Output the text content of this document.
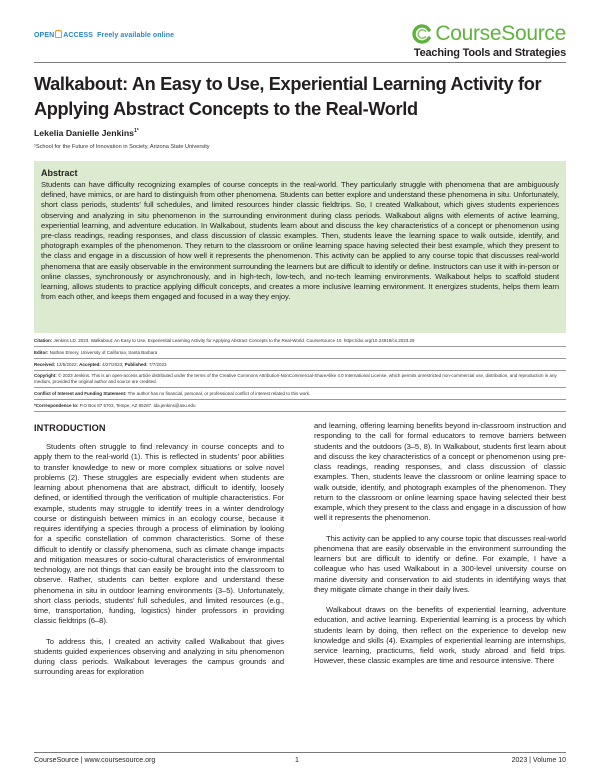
OPEN ACCESS Freely available online	CourseSource
Teaching Tools and Strategies
Walkabout: An Easy to Use, Experiential Learning Activity for Applying Abstract Concepts to the Real-World
Lekelia Danielle Jenkins$^{1*}$
¹School for the Future of Innovation in Society, Arizona State University
Abstract

Students can have difficulty recognizing examples of course concepts in the real-world. They particularly struggle with phenomena that are ambiguously defined, have mimics, or are hard to distinguish from other phenomena. Students can better explore and understand these phenomena in situ. Unfortunately, short class periods, students’ full schedules, and limited resources hinder classic fieldtrips. So, I created Walkabout, which gives students experiences observing and analyzing in situ phenomenon in the surrounding environment during class periods. Walkabout aligns with elements of active learning, experiential learning, and adventure education. In Walkabout, students learn about and discuss the key characteristics of a concept or phenomenon using pre-class readings, reading responses, and class discussion of classic examples. Then, students leave the learning space to walk outside, identify, and photograph examples of the phenomenon. They return to the classroom or online learning space having selected their best example, which they present to the class and engage in a discussion of how well it represents the phenomenon. This activity can be applied to any course topic that discusses real-world phenomena that are easily observable in the environment surrounding the learners but are difficult to identify or define. Instructors can use it with in-person or online classes, synchronously or asynchronously, and in high-tech, low-tech, and no-tech learning environments. Walkabout helps to scaffold student learning, allows students to practice applying difficult concepts, and creates a more inclusive learning environment. It energizes students, helps them learn from each other, and keeps them engaged and focused in a way they enjoy.

Citation: Jenkins LD. 2023. Walkabout: An Easy to Use, Experiential Learning Activity for Applying Abstract Concepts to the Real-World. CourseSource 10. https://doi.org/10.24918/cs.2023.25
Editor: Nathan Emery, University of California, Santa Barbara
Received: 12/5/2022; Accepted: 4/27/2023; Published: 7/7/2023
Copyright: © 2023 Jenkins. This is an open-access article distributed under the terms of the Creative Commons Attribution-NonCommercial-ShareAlike 4.0 International License, which permits unrestricted non-commercial use, distribution, and reproduction in any medium, provided the original author and source are credited.
Conflict of Interest and Funding Statement: The author has no financial, personal, or professional conflict of interest related to this work.
*Correspondence to: P.O Box 87 5703, Tempe, AZ 85287. lda.jenkins@asu.edu
INTRODUCTION

Students often struggle to find relevancy in course concepts and to apply them to the real-world (1). This is reflected in students’ poor abilities to transfer knowledge to new or more complex situations or solve novel problems (2). These struggles are especially evident when students are learning about phenomena that are abstract, difficult to identify, loosely defined, or identified through the verification of multiple characteristics. For example, students may struggle to identify trees in a winter dendrology course or distinguish between mimics in an ecology course, because it requires identifying a species through a process of elimination by looking for a specific constellation of common characteristics. Some of these difficult to identify or classify phenomena, such as climate change impacts and mitigation measures or socio-cultural characteristics of environmental technology, are not things that can easily be brought into the classroom to observe. Rather, students can better explore and understand these phenomena in situ in outdoor learning environments (3–5). Unfortunately, short class periods, students’ full schedules, and limited resources (e.g., time, transportation, funding, logistics) hinder professors in providing classic fieldtrips (6–8).

To address this, I created an activity called Walkabout that gives students guided experiences observing and analyzing in situ phenomenon during class periods. Walkabout leverages the campus grounds and surrounding areas for exploration

and learning, offering learning benefits beyond in-classroom instruction and responding to the call for formal educators to remove barriers between students and the outdoors (3–5, 8). In Walkabout, students first learn about and discuss the key characteristics of a concept or phenomenon using pre-class readings, reading responses, and class discussion of classic examples. Then, students leave the classroom or online learning space to walk outside, identify, and photograph examples of the phenomenon. They return to the classroom or online learning space having selected their best example, which they present to the class and engage in a discussion of how well it represents the phenomenon.

This activity can be applied to any course topic that discusses real-world phenomena that are easily observable in the environment surrounding the learners but are difficult to identify or define. For example, I have a colleague who has used Walkabout in a 300-level university course on marine diversity and conservation to aid students in identifying ways that they mitigate climate change in their daily lives.

Walkabout draws on the benefits of experiential learning, adventure education, and active learning. Experiential learning is a process by which students learn by doing, then reflect on the experience to develop new knowledge and skills (4). Examples of experiential learning are internships, service learning, practicums, field work, study abroad and field trips. However, these classic examples are time and resource intensive. There

CourseSource | www.coursesource.org	1	2023 | Volume 10
